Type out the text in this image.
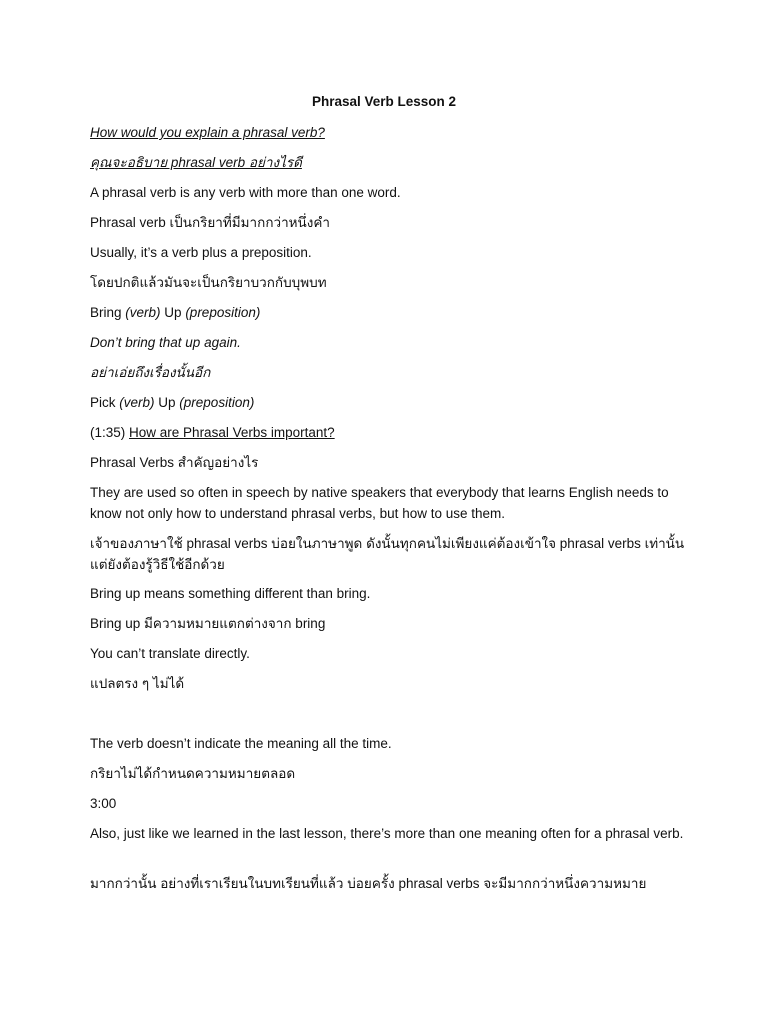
Phrasal Verb Lesson 2
How would you explain a phrasal verb?
คุณจะอธิบาย phrasal verb อย่างไรดี
A phrasal verb is any verb with more than one word.
Phrasal verb เป็นกริยาที่มีมากกว่าหนึ่งคำ
Usually, it’s a verb plus a preposition.
โดยปกติแล้วมันจะเป็นกริยาบวกกับบุพบท
Bring (verb) Up (preposition)
Don’t bring that up again.
อย่าเอ่ยถึงเรื่องนั้นอีก
Pick (verb) Up (preposition)
(1:35) How are Phrasal Verbs important?
Phrasal Verbs สำคัญอย่างไร
They are used so often in speech by native speakers that everybody that learns English needs to know not only how to understand phrasal verbs, but how to use them.
เจ้าของภาษาใช้ phrasal verbs บ่อยในภาษาพูด ดังนั้นทุกคนไม่เพียงแค่ต้องเข้าใจ phrasal verbs เท่านั้น แต่ยังต้องรู้วิธีใช้อีกด้วย
Bring up means something different than bring.
Bring up มีความหมายแตกต่างจาก bring
You can’t translate directly.
แปลตรง ๆ ไม่ได้
The verb doesn’t indicate the meaning all the time.
กริยาไม่ได้กำหนดความหมายตลอด
3:00
Also, just like we learned in the last lesson, there’s more than one meaning often for a phrasal verb.
มากกว่านั้น อย่างที่เราเรียนในบทเรียนที่แล้ว บ่อยครั้ง phrasal verbs จะมีมากกว่าหนึ่งความหมาย
